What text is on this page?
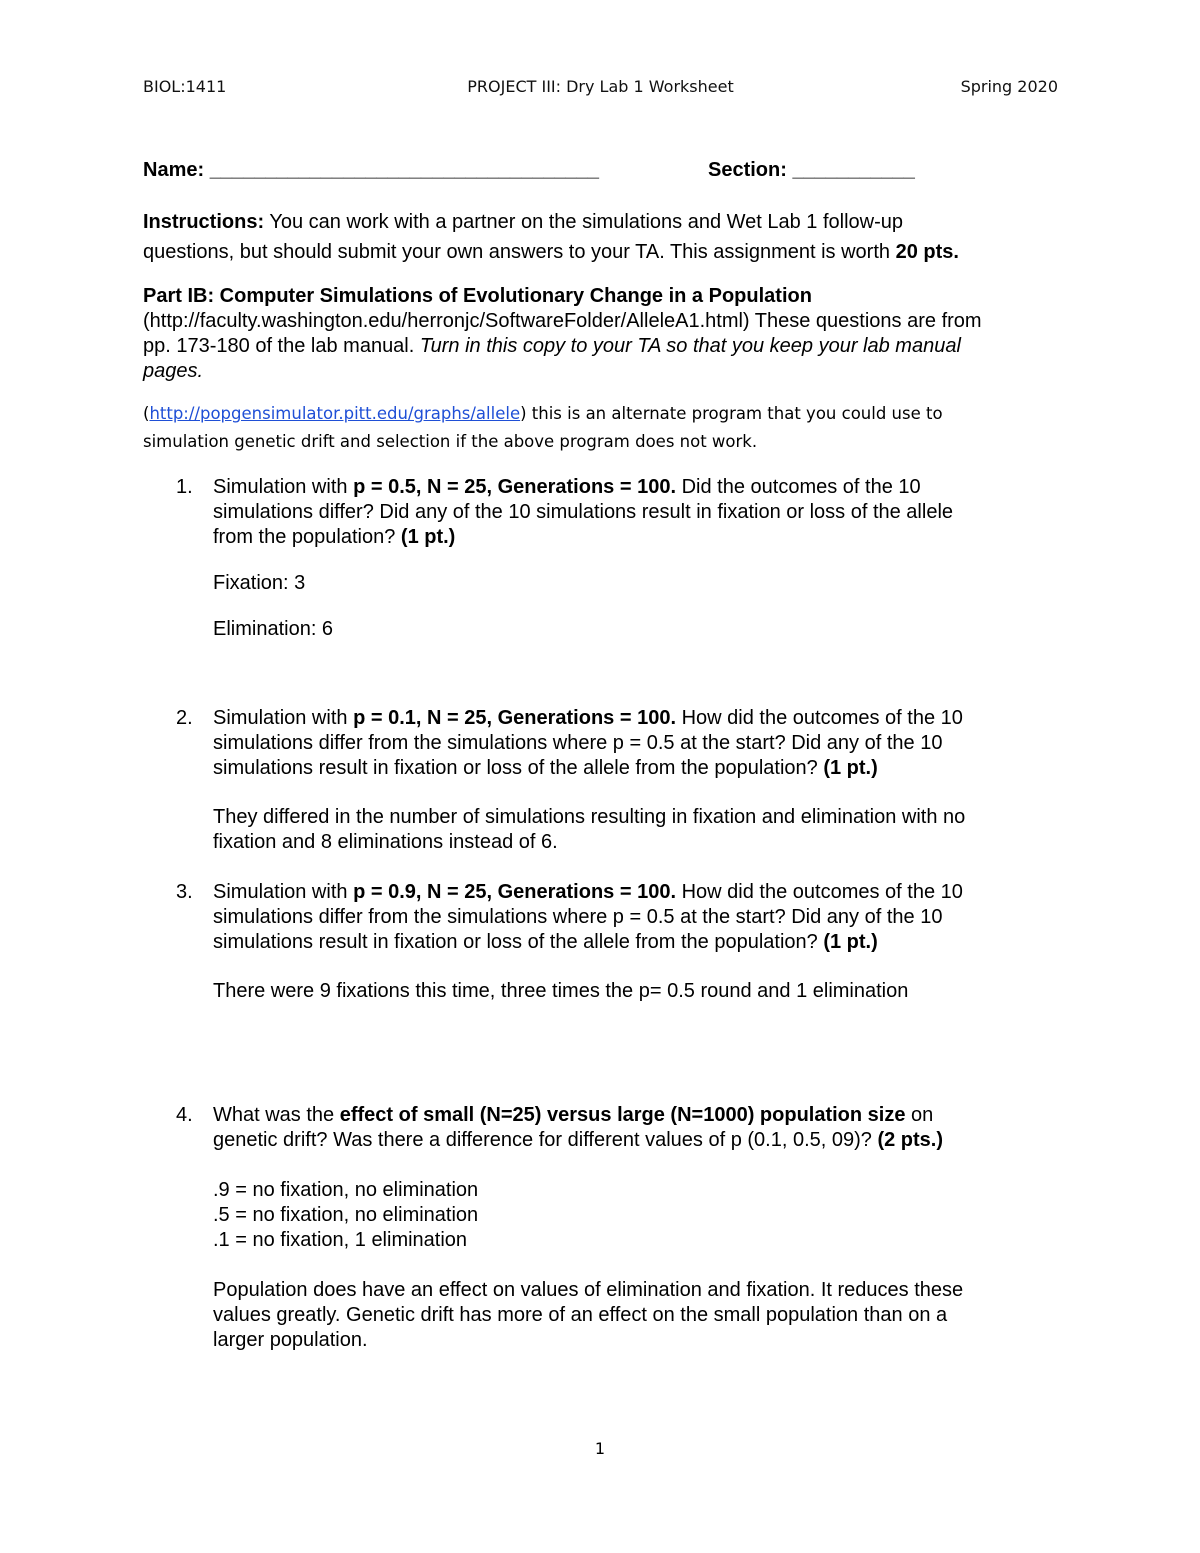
BIOL:1411	PROJECT III: Dry Lab 1 Worksheet	Spring 2020
Name: ___________________________________	Section: ___________
Instructions: You can work with a partner on the simulations and Wet Lab 1 follow-up
questions, but should submit your own answers to your TA. This assignment is worth 20 pts.
Part IB: Computer Simulations of Evolutionary Change in a Population
(http://faculty.washington.edu/herronjc/SoftwareFolder/AlleleA1.html) These questions are from
pp. 173-180 of the lab manual. Turn in this copy to your TA so that you keep your lab manual
pages.
(http://popgensimulator.pitt.edu/graphs/allele) this is an alternate program that you could use to
simulation genetic drift and selection if the above program does not work.
1. Simulation with p = 0.5, N = 25, Generations = 100. Did the outcomes of the 10
simulations differ? Did any of the 10 simulations result in fixation or loss of the allele
from the population? (1 pt.)
Fixation: 3
Elimination: 6
2. Simulation with p = 0.1, N = 25, Generations = 100. How did the outcomes of the 10
simulations differ from the simulations where p = 0.5 at the start? Did any of the 10
simulations result in fixation or loss of the allele from the population? (1 pt.)
They differed in the number of simulations resulting in fixation and elimination with no
fixation and 8 eliminations instead of 6.
3. Simulation with p = 0.9, N = 25, Generations = 100. How did the outcomes of the 10
simulations differ from the simulations where p = 0.5 at the start? Did any of the 10
simulations result in fixation or loss of the allele from the population? (1 pt.)
There were 9 fixations this time, three times the p= 0.5 round and 1 elimination
4. What was the effect of small (N=25) versus large (N=1000) population size on
genetic drift? Was there a difference for different values of p (0.1, 0.5, 09)? (2 pts.)
.9 = no fixation, no elimination
.5 = no fixation, no elimination
.1 = no fixation, 1 elimination
Population does have an effect on values of elimination and fixation. It reduces these
values greatly. Genetic drift has more of an effect on the small population than on a
larger population.
1
